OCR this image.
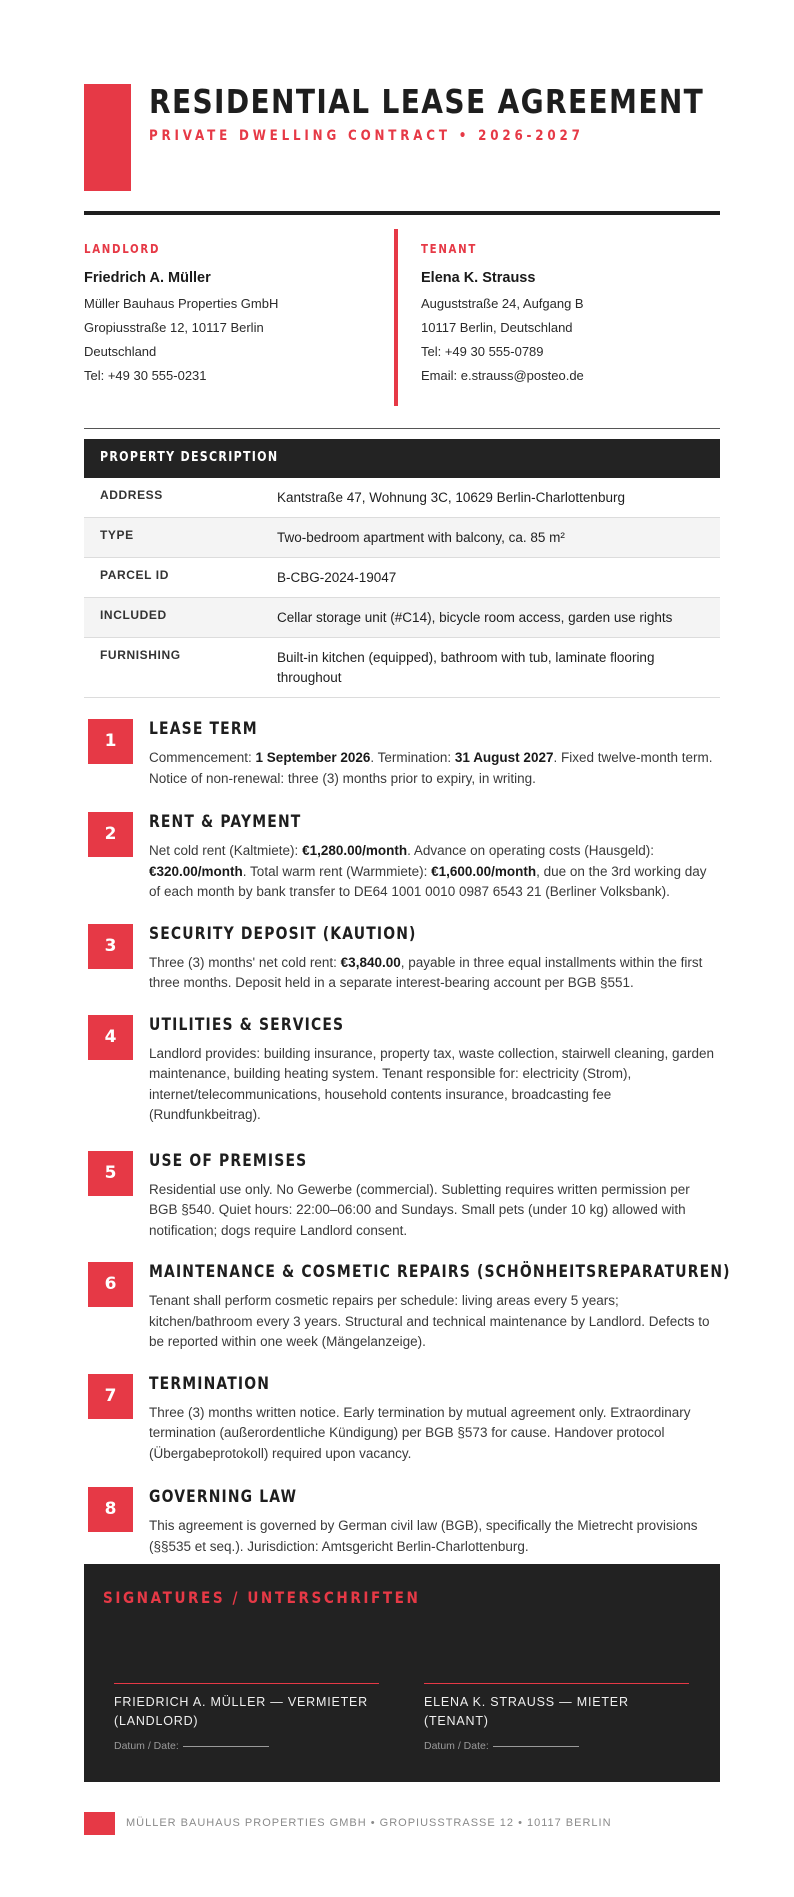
RESIDENTIAL LEASE AGREEMENT
PRIVATE DWELLING CONTRACT • 2026-2027
LANDLORD
Friedrich A. Müller
Müller Bauhaus Properties GmbH
Gropiusstraße 12, 10117 Berlin
Deutschland
Tel: +49 30 555-0231
TENANT
Elena K. Strauss
Auguststraße 24, Aufgang B
10117 Berlin, Deutschland
Tel: +49 30 555-0789
Email: e.strauss@posteo.de
PROPERTY DESCRIPTION
ADDRESS	Kantstraße 47, Wohnung 3C, 10629 Berlin-Charlottenburg
TYPE	Two-bedroom apartment with balcony, ca. 85 m²
PARCEL ID	B-CBG-2024-19047
INCLUDED	Cellar storage unit (#C14), bicycle room access, garden use rights
FURNISHING	Built-in kitchen (equipped), bathroom with tub, laminate flooring throughout
1
LEASE TERM
Commencement: 1 September 2026. Termination: 31 August 2027. Fixed twelve-month term. Notice of non-renewal: three (3) months prior to expiry, in writing.
2
RENT & PAYMENT
Net cold rent (Kaltmiete): €1,280.00/month. Advance on operating costs (Hausgeld): €320.00/month. Total warm rent (Warmmiete): €1,600.00/month, due on the 3rd working day of each month by bank transfer to DE64 1001 0010 0987 6543 21 (Berliner Volksbank).
3
SECURITY DEPOSIT (KAUTION)
Three (3) months' net cold rent: €3,840.00, payable in three equal installments within the first three months. Deposit held in a separate interest-bearing account per BGB §551.
4
UTILITIES & SERVICES
Landlord provides: building insurance, property tax, waste collection, stairwell cleaning, garden maintenance, building heating system. Tenant responsible for: electricity (Strom), internet/telecommunications, household contents insurance, broadcasting fee (Rundfunkbeitrag).
5
USE OF PREMISES
Residential use only. No Gewerbe (commercial). Subletting requires written permission per BGB §540. Quiet hours: 22:00–06:00 and Sundays. Small pets (under 10 kg) allowed with notification; dogs require Landlord consent.
6
MAINTENANCE & COSMETIC REPAIRS (SCHÖNHEITSREPARATUREN)
Tenant shall perform cosmetic repairs per schedule: living areas every 5 years; kitchen/bathroom every 3 years. Structural and technical maintenance by Landlord. Defects to be reported within one week (Mängelanzeige).
7
TERMINATION
Three (3) months written notice. Early termination by mutual agreement only. Extraordinary termination (außerordentliche Kündigung) per BGB §573 for cause. Handover protocol (Übergabeprotokoll) required upon vacancy.
8
GOVERNING LAW
This agreement is governed by German civil law (BGB), specifically the Mietrecht provisions (§§535 et seq.). Jurisdiction: Amtsgericht Berlin-Charlottenburg.
SIGNATURES / UNTERSCHRIFTEN
FRIEDRICH A. MÜLLER — VERMIETER (LANDLORD)
Datum / Date:
ELENA K. STRAUSS — MIETER (TENANT)
Datum / Date:
MÜLLER BAUHAUS PROPERTIES GMBH • GROPIUSSTRASSE 12 • 10117 BERLIN
